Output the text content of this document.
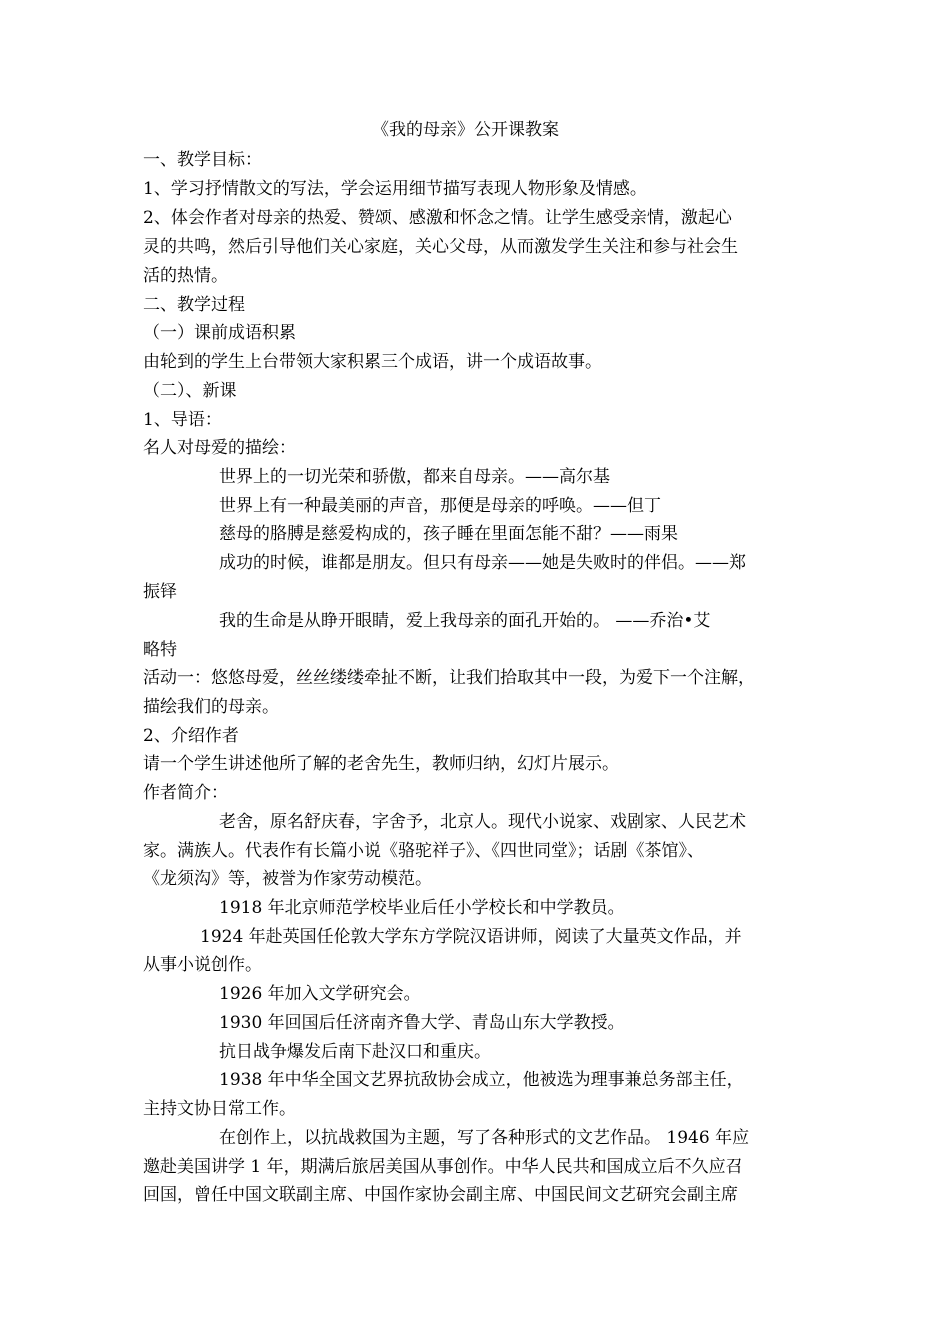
《我的母亲》公开课教案
一、教学目标：
1、学习抒情散文的写法，学会运用细节描写表现人物形象及情感。
2、体会作者对母亲的热爱、赞颂、感激和怀念之情。让学生感受亲情，激起心
灵的共鸣，然后引导他们关心家庭，关心父母，从而激发学生关注和参与社会生
活的热情。
二、教学过程
（一）课前成语积累
由轮到的学生上台带领大家积累三个成语，讲一个成语故事。
（二）、新课
1、导语：
名人对母爱的描绘：
世界上的一切光荣和骄傲，都来自母亲。——高尔基
世界上有一种最美丽的声音，那便是母亲的呼唤。——但丁
慈母的胳膊是慈爱构成的，孩子睡在里面怎能不甜？——雨果
成功的时候，谁都是朋友。但只有母亲——她是失败时的伴侣。——郑
振铎
我的生命是从睁开眼睛，爱上我母亲的面孔开始的。 ——乔治•艾
略特
活动一：悠悠母爱，丝丝缕缕牵扯不断，让我们拾取其中一段，为爱下一个注解，
描绘我们的母亲。
2、介绍作者
请一个学生讲述他所了解的老舍先生，教师归纳，幻灯片展示。
作者简介：
老舍，原名舒庆春，字舍予，北京人。现代小说家、戏剧家、人民艺术
家。满族人。代表作有长篇小说《骆驼祥子》、《四世同堂》；话剧《茶馆》、
《龙须沟》等，被誉为作家劳动模范。
1918 年北京师范学校毕业后任小学校长和中学教员。
1924 年赴英国任伦敦大学东方学院汉语讲师，阅读了大量英文作品，并
从事小说创作。
1926 年加入文学研究会。
1930 年回国后任济南齐鲁大学、青岛山东大学教授。
抗日战争爆发后南下赴汉口和重庆。
1938 年中华全国文艺界抗敌协会成立，他被选为理事兼总务部主任，
主持文协日常工作。
在创作上，以抗战救国为主题，写了各种形式的文艺作品。 1946 年应
邀赴美国讲学 1 年，期满后旅居美国从事创作。中华人民共和国成立后不久应召
回国，曾任中国文联副主席、中国作家协会副主席、中国民间文艺研究会副主席
